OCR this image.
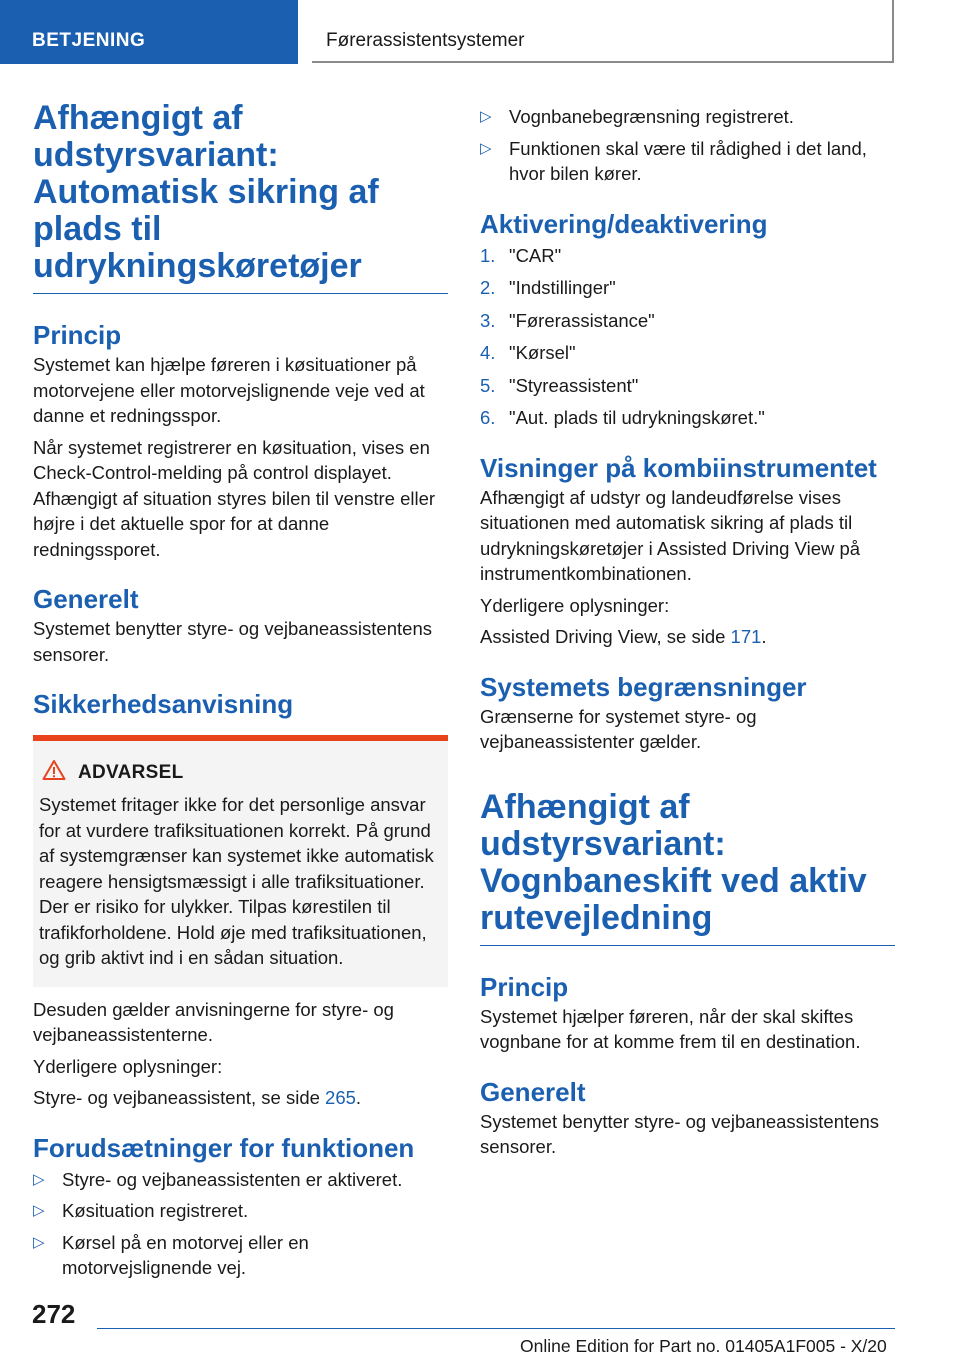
BETJENING	Førerassistentsystemer
Afhængigt af udstyrsvariant: Automatisk sikring af plads til udrykningskøretøjer
Princip

Systemet kan hjælpe føreren i køsituationer på motorvejene eller motorvejslignende veje ved at danne et redningsspor.

Når systemet registrerer en køsituation, vises en Check-Control-melding på control displayet. Afhængigt af situation styres bilen til venstre eller højre i det aktuelle spor for at danne redningssporet.

Generelt

Systemet benytter styre- og vejbaneassistentens sensorer.

Sikkerhedsanvisning
ADVARSEL

Systemet fritager ikke for det personlige ansvar for at vurdere trafiksituationen korrekt. På grund af systemgrænser kan systemet ikke automatisk reagere hensigtsmæssigt i alle trafiksituationer. Der er risiko for ulykker. Tilpas kørestilen til trafikforholdene. Hold øje med trafiksituationen, og grib aktivt ind i en sådan situation.

Desuden gælder anvisningerne for styre- og vejbaneassistenterne.

Yderligere oplysninger:

Styre- og vejbaneassistent, se side 265.

Forudsætninger for funktionen
▷ Styre- og vejbaneassistenten er aktiveret.
▷ Køsituation registreret.
▷ Kørsel på en motorvej eller en motorvejslignende vej.
▷ Vognbanebegrænsning registreret.
▷ Funktionen skal være til rådighed i det land, hvor bilen kører.
Aktivering/deaktivering
1. "CAR"
2. "Indstillinger"
3. "Førerassistance"
4. "Kørsel"
5. "Styreassistent"
6. "Aut. plads til udrykningskøret."
Visninger på kombiinstrumentet

Afhængigt af udstyr og landeudførelse vises situationen med automatisk sikring af plads til udrykningskøretøjer i Assisted Driving View på instrumentkombinationen.

Yderligere oplysninger:

Assisted Driving View, se side 171.

Systemets begrænsninger

Grænserne for systemet styre- og vejbaneassistenter gælder.

Afhængigt af udstyrsvariant: Vognbaneskift ved aktiv rutevejledning
Princip

Systemet hjælper føreren, når der skal skiftes vognbane for at komme frem til en destination.

Generelt

Systemet benytter styre- og vejbaneassistentens sensorer.

272
Online Edition for Part no. 01405A1F005 - X/20
